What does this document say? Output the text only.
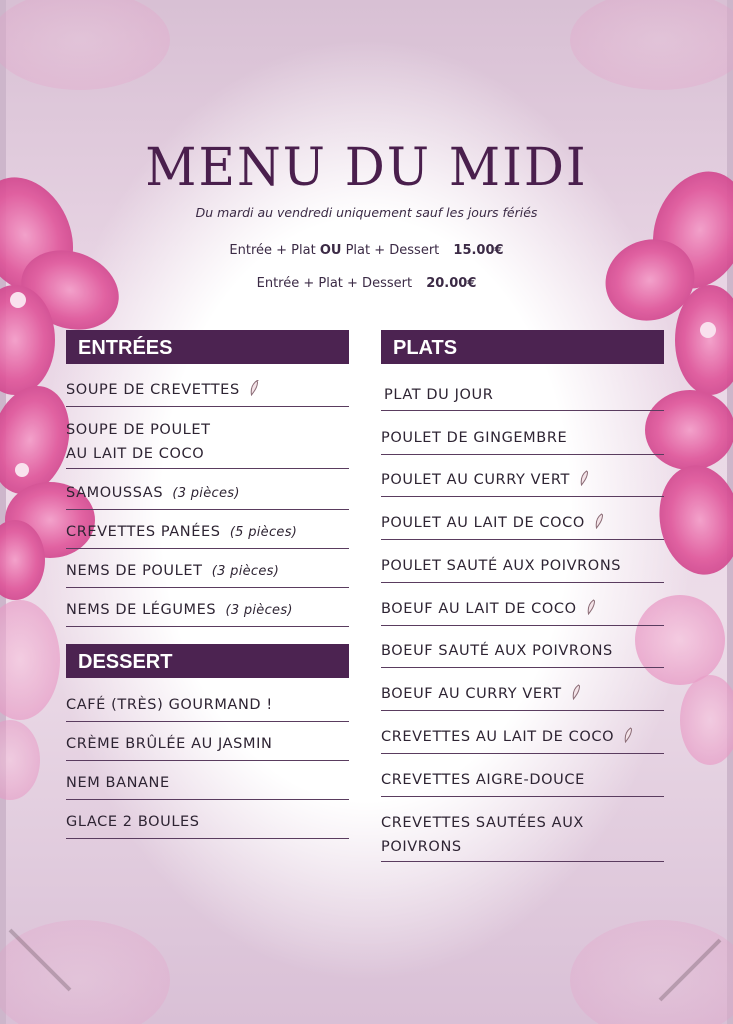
MENU DU MIDI
Du mardi au vendredi uniquement sauf les jours fériés
Entrée + Plat OU Plat + Dessert 15.00€
Entrée + Plat + Dessert 20.00€
ENTRÉES
SOUPE DE CREVETTES
SOUPE DE POULET
AU LAIT DE COCO
SAMOUSSAS (3 pièces)
CREVETTES PANÉES (5 pièces)
NEMS DE POULET (3 pièces)
NEMS DE LÉGUMES (3 pièces)
DESSERT
CAFÉ (TRÈS) GOURMAND !
CRÈME BRÛLÉE AU JASMIN
NEM BANANE
GLACE 2 BOULES
PLATS
PLAT DU JOUR
POULET DE GINGEMBRE
POULET AU CURRY VERT
POULET AU LAIT DE COCO
POULET SAUTÉ AUX POIVRONS
BOEUF AU LAIT DE COCO
BOEUF SAUTÉ AUX POIVRONS
BOEUF AU CURRY VERT
CREVETTES AU LAIT DE COCO
CREVETTES AIGRE-DOUCE
CREVETTES SAUTÉES AUX
POIVRONS
